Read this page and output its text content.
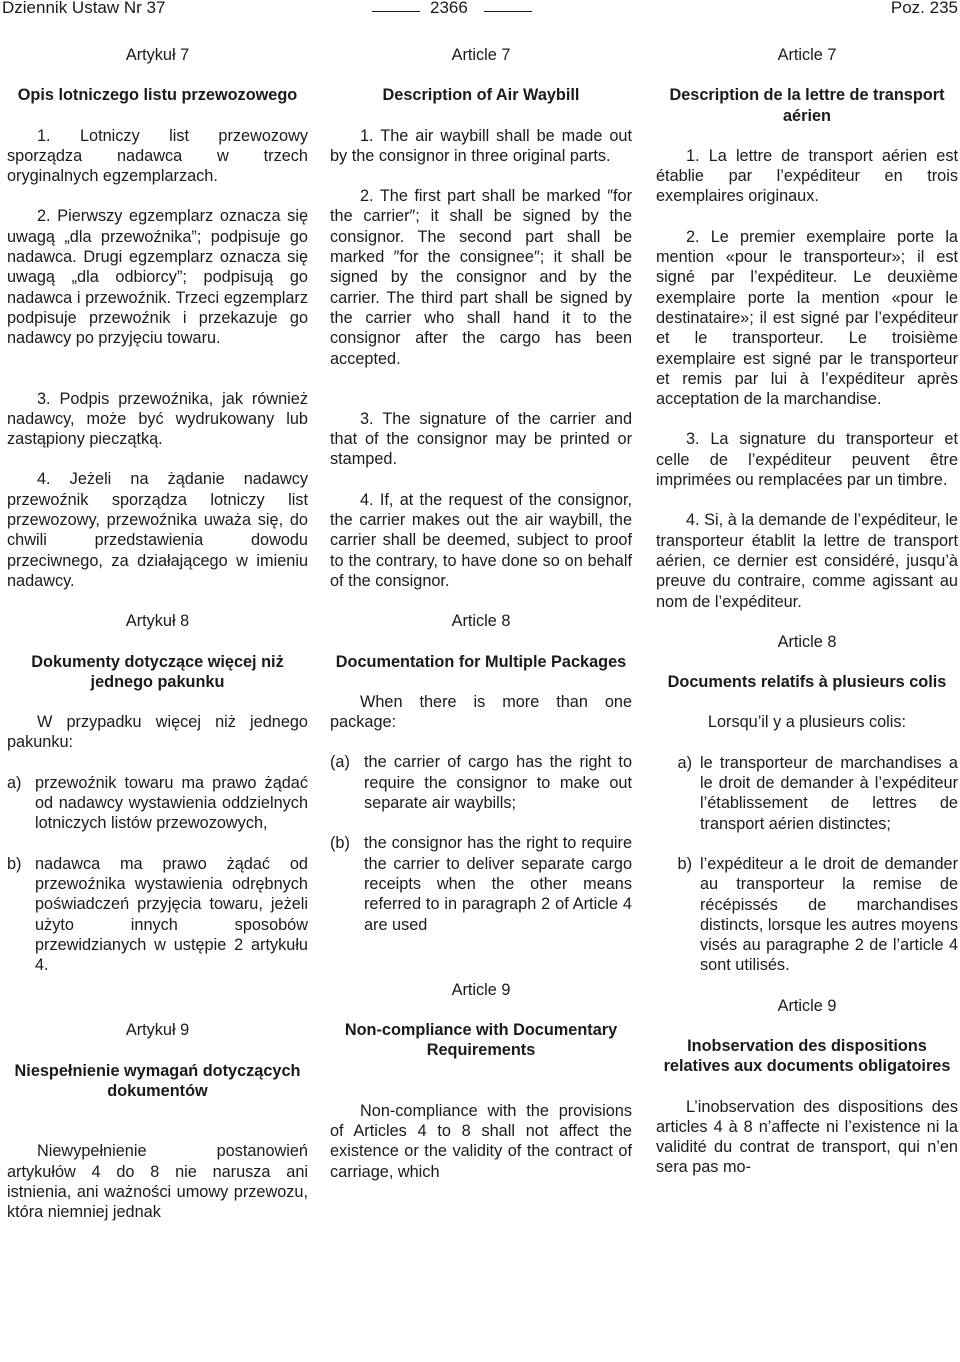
Dziennik Ustaw Nr 37	2366	Poz. 235
Artykuł 7
Opis lotniczego listu przewozowego

1. Lotniczy list przewozowy sporządza nadawca w trzech oryginalnych egzemplarzach.

2. Pierwszy egzemplarz oznacza się uwagą „dla przewoźnika”; podpisuje go nadawca. Drugi egzemplarz oznacza się uwagą „dla odbiorcy”; podpisują go nadawca i przewoźnik. Trzeci egzemplarz podpisuje przewoźnik i przekazuje go nadawcy po przyjęciu towaru.

3. Podpis przewoźnika, jak również nadawcy, może być wydrukowany lub zastąpiony pieczątką.

4. Jeżeli na żądanie nadawcy przewoźnik sporządza lotniczy list przewozowy, przewoźnika uważa się, do chwili przedstawienia dowodu przeciwnego, za działającego w imieniu nadawcy.

Artykuł 8
Dokumenty dotyczące więcej niż jednego pakunku

W przypadku więcej niż jednego pakunku:

a) przewoźnik towaru ma prawo żądać od nadawcy wystawienia oddzielnych lotniczych listów przewozowych,
b) nadawca ma prawo żądać od przewoźnika wystawienia odrębnych poświadczeń przyjęcia towaru, jeżeli użyto innych sposobów przewidzianych w ustępie 2 artykułu 4.
Artykuł 9
Niespełnienie wymagań dotyczących dokumentów

Niewypełnienie postanowień artykułów 4 do 8 nie narusza ani istnienia, ani ważności umowy przewozu, która niemniej jednak

Article 7
Description of Air Waybill

1. The air waybill shall be made out by the consignor in three original parts.

2. The first part shall be marked ″for the carrier″; it shall be signed by the consignor. The second part shall be marked ″for the consignee″; it shall be signed by the consignor and by the carrier. The third part shall be signed by the carrier who shall hand it to the consignor after the cargo has been accepted.

3. The signature of the carrier and that of the consignor may be printed or stamped.

4. If, at the request of the consignor, the carrier makes out the air waybill, the carrier shall be deemed, subject to proof to the contrary, to have done so on behalf of the consignor.

Article 8
Documentation for Multiple Packages

When there is more than one package:

(a) the carrier of cargo has the right to require the consignor to make out separate air waybills;
(b) the consignor has the right to require the carrier to deliver separate cargo receipts when the other means referred to in paragraph 2 of Article 4 are used
Article 9
Non-compliance with Documentary Requirements

Non-compliance with the provisions of Articles 4 to 8 shall not affect the existence or the validity of the contract of carriage, which

Article 7
Description de la lettre de transport aérien

1. La lettre de transport aérien est établie par l’expéditeur en trois exemplaires originaux.

2. Le premier exemplaire porte la mention «pour le transporteur»; il est signé par l’expéditeur. Le deuxième exemplaire porte la mention «pour le destinataire»; il est signé par l’expéditeur et le transporteur. Le troisième exemplaire est signé par le transporteur et remis par lui à l’expéditeur après acceptation de la marchandise.

3. La signature du transporteur et celle de l’expéditeur peuvent être imprimées ou remplacées par un timbre.

4. Si, à la demande de l’expéditeur, le transporteur établit la lettre de transport aérien, ce dernier est considéré, jusqu’à preuve du contraire, comme agissant au nom de l’expéditeur.

Article 8
Documents relatifs à plusieurs colis

Lorsqu’il y a plusieurs colis:

a) le transporteur de marchandises a le droit de demander à l’expéditeur l’établissement de lettres de transport aérien distinctes;
b) l’expéditeur a le droit de demander au transporteur la remise de récépissés de marchandises distincts, lorsque les autres moyens visés au paragraphe 2 de l’article 4 sont utilisés.
Article 9
Inobservation des dispositions relatives aux documents obligatoires

L’inobservation des dispositions des articles 4 à 8 n’affecte ni l’existence ni la validité du contrat de transport, qui n’en sera pas mo-
